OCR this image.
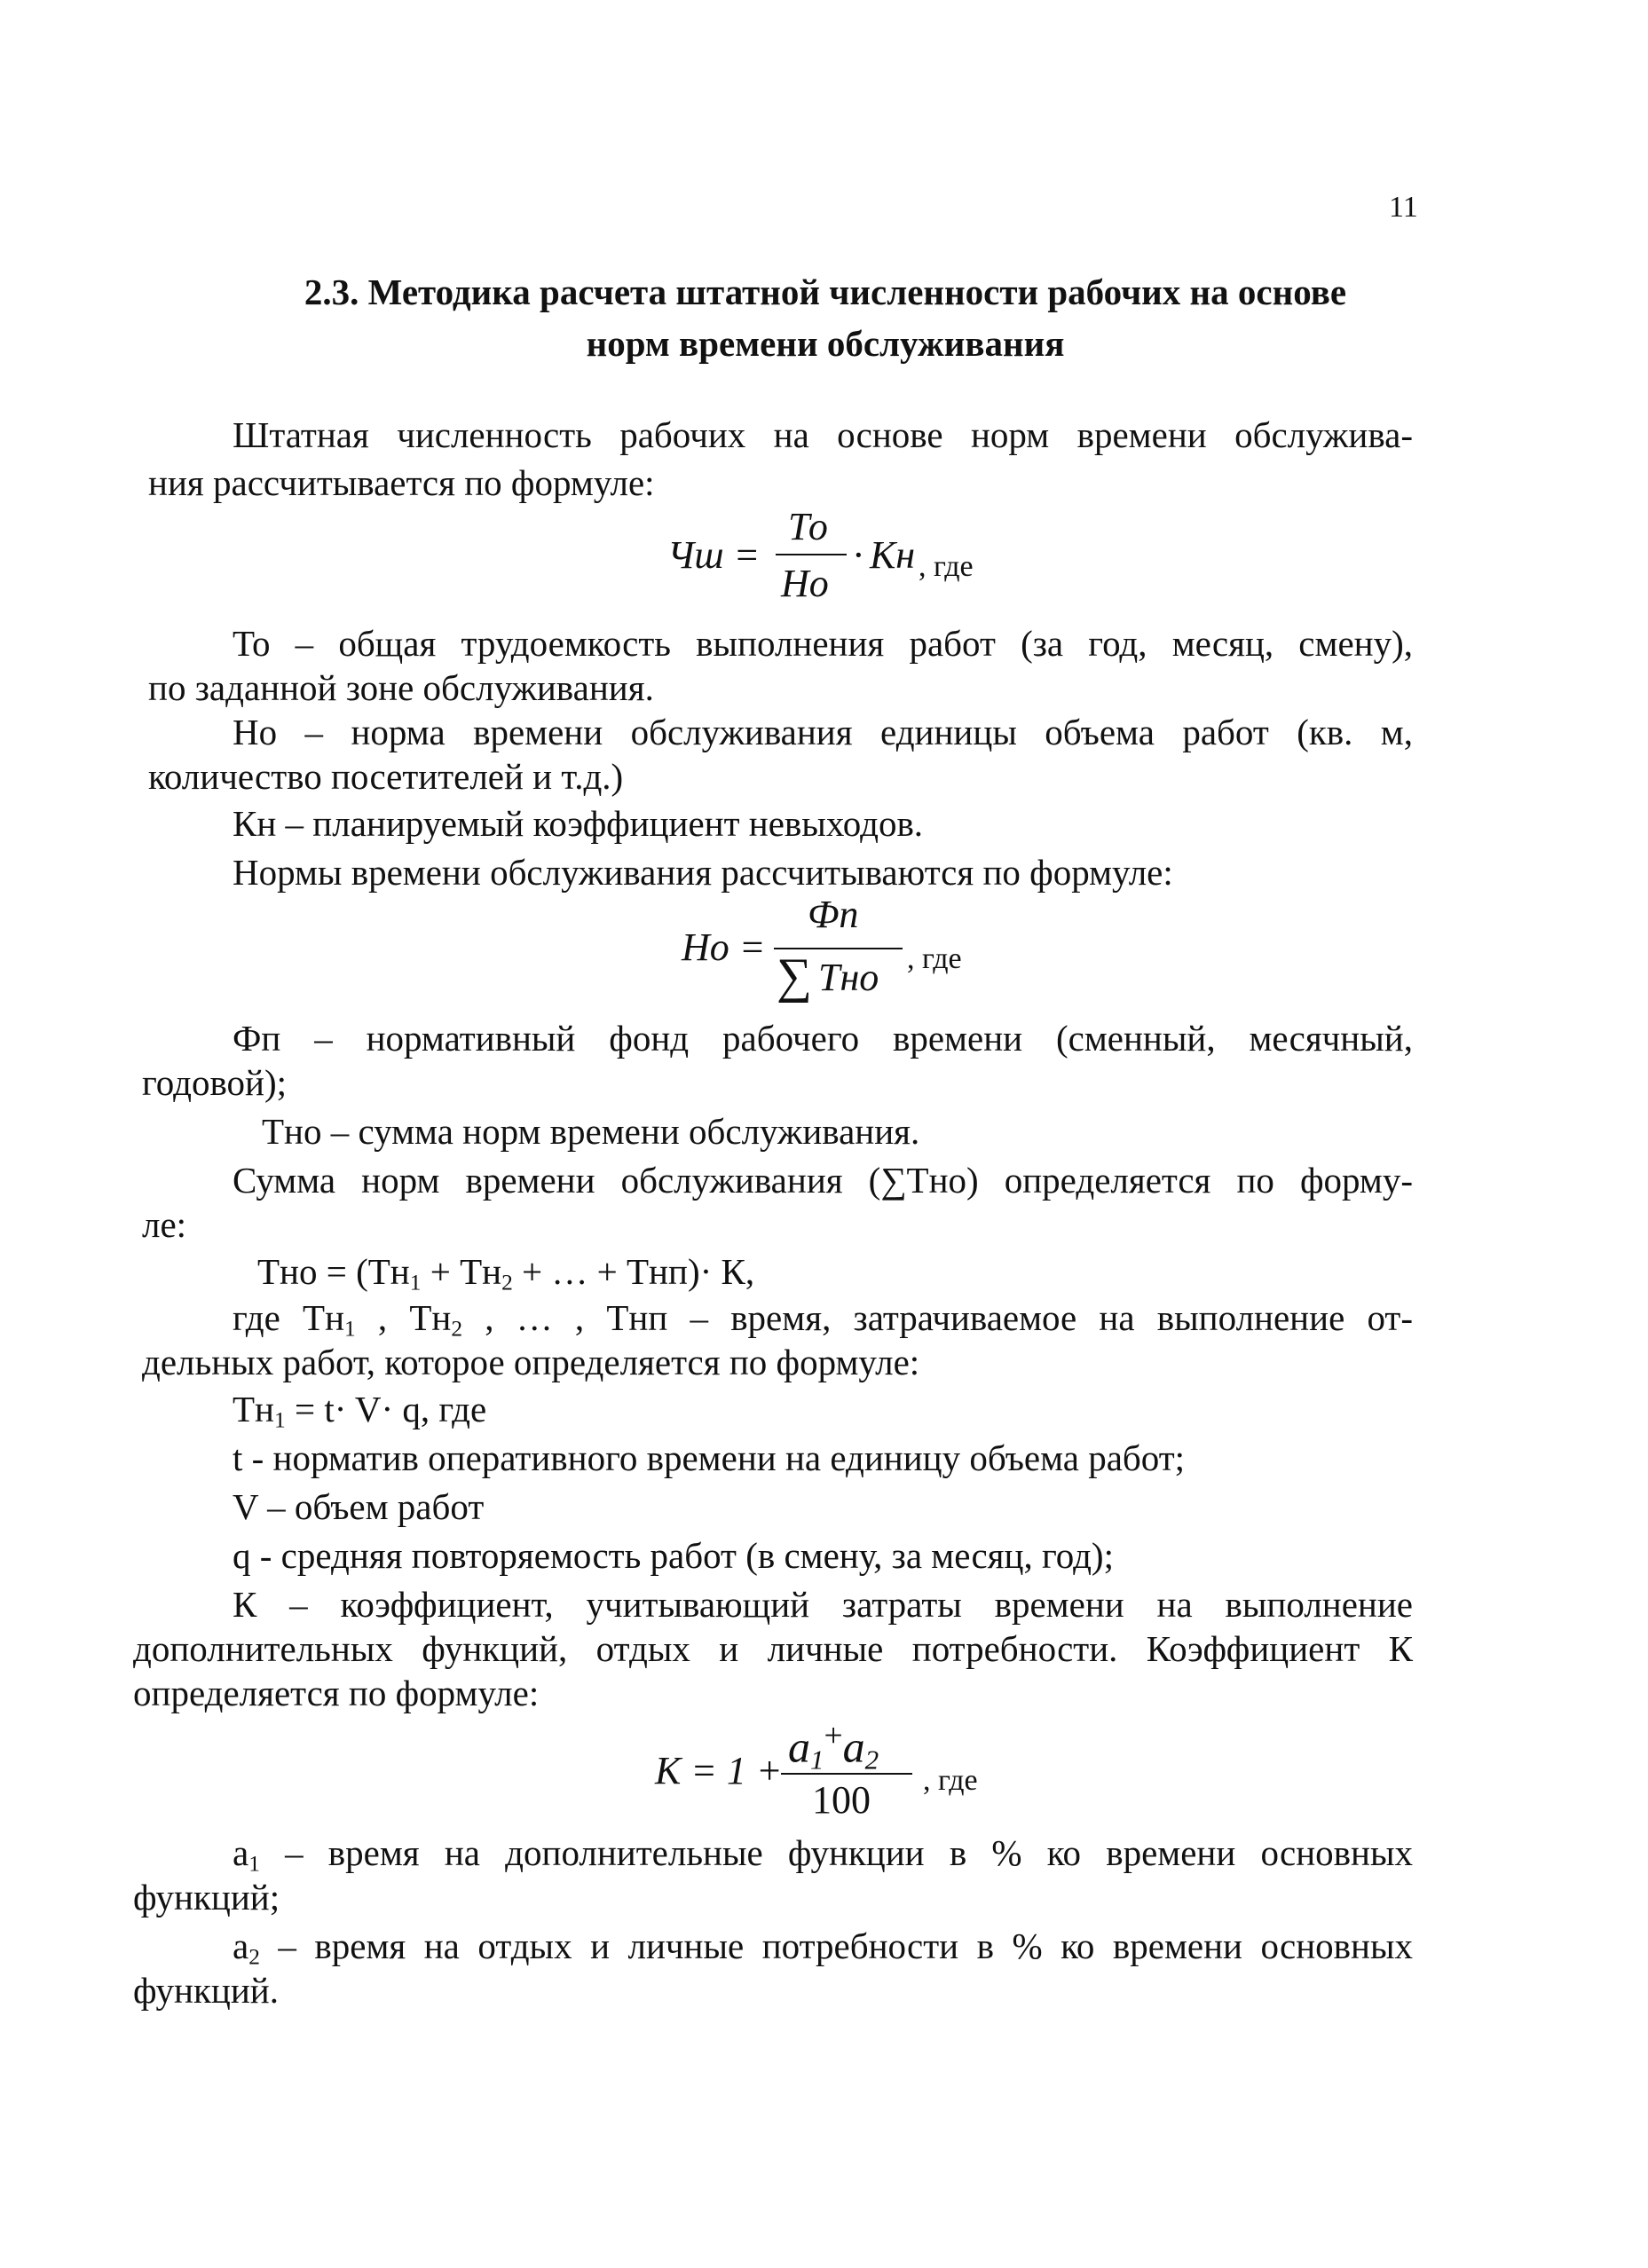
11
2.3. Методика расчета штатной численности рабочих на основе
норм времени обслуживания
Штатная численность рабочих на основе норм времени обслужива-
ния рассчитывается по формуле:
Чш =
То
Но
· Кн , где
То – общая трудоемкость выполнения работ (за год, месяц, смену),
по заданной зоне обслуживания.
Но – норма времени обслуживания единицы объема работ (кв. м,
количество посетителей и т.д.)
Кн – планируемый коэффициент невыходов.
Нормы времени обслуживания рассчитываются по формуле:
Но =
Фп
∑ Тно , где
Фп – нормативный фонд рабочего времени (сменный, месячный,
годовой);
Тно – сумма норм времени обслуживания.
Сумма норм времени обслуживания (∑Тно) определяется по форму-
ле:
Тно = ($Тн_1 + Тн_2$ + … + Тнп)· К,
где $Тн_1$ , $Тн_2$ , … , Тнп – время, затрачиваемое на выполнение от-
дельных работ, которое определяется по формуле:
$Тн_1 = t\cdot V\cdot q$, где
t - норматив оперативного времени на единицу объема работ;
V – объем работ
q - средняя повторяемость работ (в смену, за месяц, год);
К – коэффициент, учитывающий затраты времени на выполнение
дополнительных функций, отдых и личные потребности. Коэффициент К
определяется по формуле:
$К = 1 + a_1^+a_2$
100 , где
$a_1$ – время на дополнительные функции в % ко времени основных
функций;
$a_2$ – время на отдых и личные потребности в % ко времени основных
функций.
